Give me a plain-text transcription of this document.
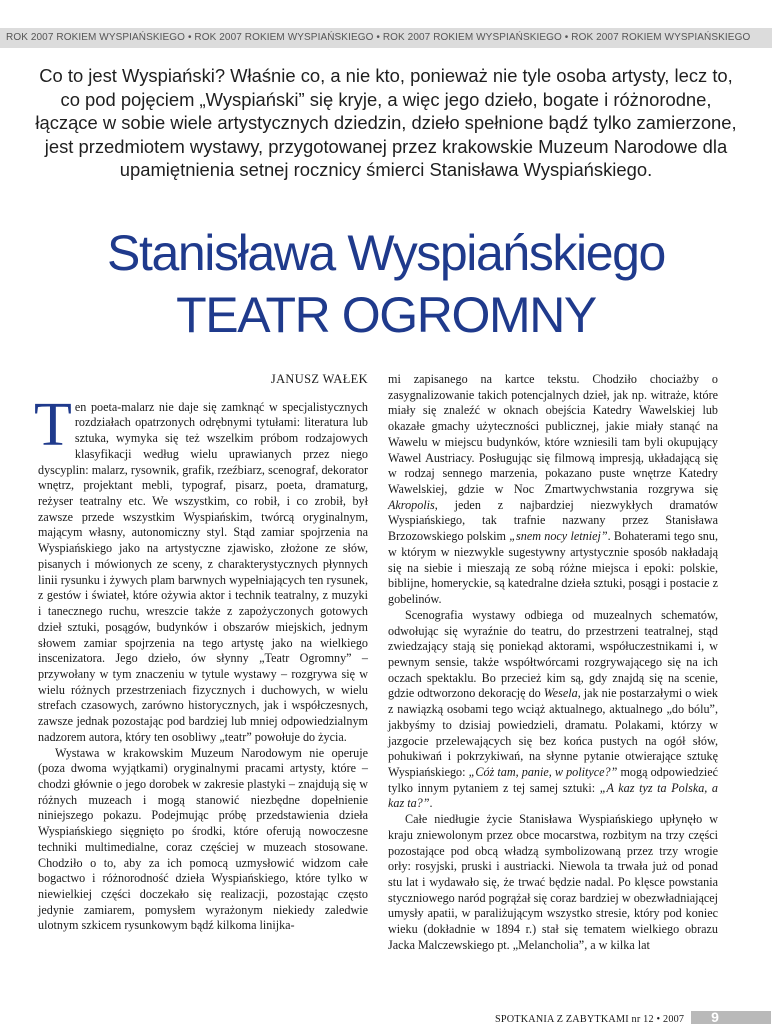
ROK 2007 ROKIEM WYSPIAŃSKIEGO • ROK 2007 ROKIEM WYSPIAŃSKIEGO • ROK 2007 ROKIEM WYSPIAŃSKIEGO • ROK 2007 ROKIEM WYSPIAŃSKIEGO
Co to jest Wyspiański? Właśnie co, a nie kto, ponieważ nie tyle osoba artysty, lecz to, co pod pojęciem „Wyspiański” się kryje, a więc jego dzieło, bogate i różnorodne, łączące w sobie wiele artystycznych dziedzin, dzieło spełnione bądź tylko zamierzone, jest przedmiotem wystawy, przygotowanej przez krakowskie Muzeum Narodowe dla upamiętnienia setnej rocznicy śmierci Stanisława Wyspiańskiego.
Stanisława Wyspiańskiego
TEATR OGROMNY
JANUSZ WAŁEK

Ten poeta-malarz nie daje się zamknąć w specjalistycznych rozdziałach opatrzonych odrębnymi tytułami: literatura lub sztuka, wymyka się też wszelkim próbom rodzajowych klasyfikacji według wielu uprawianych przez niego dyscyplin: malarz, rysownik, grafik, rzeźbiarz, scenograf, dekorator wnętrz, projektant mebli, typograf, pisarz, poeta, dramaturg, reżyser teatralny etc. We wszystkim, co robił, i co zrobił, był zawsze przede wszystkim Wyspiańskim, twórcą oryginalnym, mającym własny, autonomiczny styl. Stąd zamiar spojrzenia na Wyspiańskiego jako na artystyczne zjawisko, złożone ze słów, pisanych i mówionych ze sceny, z charakterystycznych płynnych linii rysunku i żywych plam barwnych wypełniających ten rysunek, z gestów i świateł, które ożywia aktor i technik teatralny, z muzyki i tanecznego ruchu, wreszcie także z zapożyczonych gotowych dzieł sztuki, posągów, budynków i obszarów miejskich, jednym słowem zamiar spojrzenia na tego artystę jako na wielkiego inscenizatora. Jego dzieło, ów słynny „Teatr Ogromny” – przywołany w tym znaczeniu w tytule wystawy – rozgrywa się w wielu różnych przestrzeniach fizycznych i duchowych, w wielu strefach czasowych, zarówno historycznych, jak i współczesnych, zawsze jednak pozostając pod bardziej lub mniej odpowiedzialnym nadzorem autora, który ten osobliwy „teatr” powołuje do życia.

Wystawa w krakowskim Muzeum Narodowym nie operuje (poza dwoma wyjątkami) oryginalnymi pracami artysty, które – chodzi głównie o jego dorobek w zakresie plastyki – znajdują się w różnych muzeach i mogą stanowić niezbędne dopełnienie niniejszego pokazu. Podejmując próbę przedstawienia dzieła Wyspiańskiego sięgnięto po środki, które oferują nowoczesne techniki multimedialne, coraz częściej w muzeach stosowane. Chodziło o to, aby za ich pomocą uzmysłowić widzom całe bogactwo i różnorodność dzieła Wyspiańskiego, które tylko w niewielkiej części doczekało się realizacji, pozostając często jedynie zamiarem, pomysłem wyrażonym niekiedy zaledwie ulotnym szkicem rysunkowym bądź kilkoma linijka-

mi zapisanego na kartce tekstu. Chodziło chociażby o zasygnalizowanie takich potencjalnych dzieł, jak np. witraże, które miały się znaleźć w oknach obejścia Katedry Wawelskiej lub okazałe gmachy użyteczności publicznej, jakie miały stanąć na Wawelu w miejscu budynków, które wzniesili tam byli okupujący Wawel Austriacy. Posługując się filmową impresją, układającą się w rodzaj sennego marzenia, pokazano puste wnętrze Katedry Wawelskiej, gdzie w Noc Zmartwychwstania rozgrywa się Akropolis, jeden z najbardziej niezwykłych dramatów Wyspiańskiego, tak trafnie nazwany przez Stanisława Brzozowskiego polskim „snem nocy letniej”. Bohaterami tego snu, w którym w niezwykle sugestywny artystycznie sposób nakładają się na siebie i mieszają ze sobą różne miejsca i epoki: polskie, biblijne, homeryckie, są katedralne dzieła sztuki, posągi i postacie z gobelinów.

Scenografia wystawy odbiega od muzealnych schematów, odwołując się wyraźnie do teatru, do przestrzeni teatralnej, stąd zwiedzający stają się poniekąd aktorami, współuczestnikami i, w pewnym sensie, także współtwórcami rozgrywającego się na ich oczach spektaklu. Bo przecież kim są, gdy znajdą się na scenie, gdzie odtworzono dekorację do Wesela, jak nie postarzałymi o wiek z nawiązką osobami tego wciąż aktualnego, aktualnego „do bólu”, jakbyśmy to dzisiaj powiedzieli, dramatu. Polakami, którzy w jazgocie przelewających się bez końca pustych na ogół słów, pohukiwań i pokrzykiwań, na słynne pytanie otwierające sztukę Wyspiańskiego: „Cóż tam, panie, w polityce?” mogą odpowiedzieć tylko innym pytaniem z tej samej sztuki: „A kaz tyz ta Polska, a kaz ta?”.

Całe niedługie życie Stanisława Wyspiańskiego upłynęło w kraju zniewolonym przez obce mocarstwa, rozbitym na trzy części pozostające pod obcą władzą symbolizowaną przez trzy wrogie orły: rosyjski, pruski i austriacki. Niewola ta trwała już od ponad stu lat i wydawało się, że trwać będzie nadal. Po klęsce powstania styczniowego naród pogrążał się coraz bardziej w obezwładniającej umysły apatii, w paraliżującym wszystko stresie, który pod koniec wieku (dokładnie w 1894 r.) stał się tematem wielkiego obrazu Jacka Malczewskiego pt. „Melancholia”, a w kilka lat

SPOTKANIA Z ZABYTKAMI nr 12 • 2007	9
